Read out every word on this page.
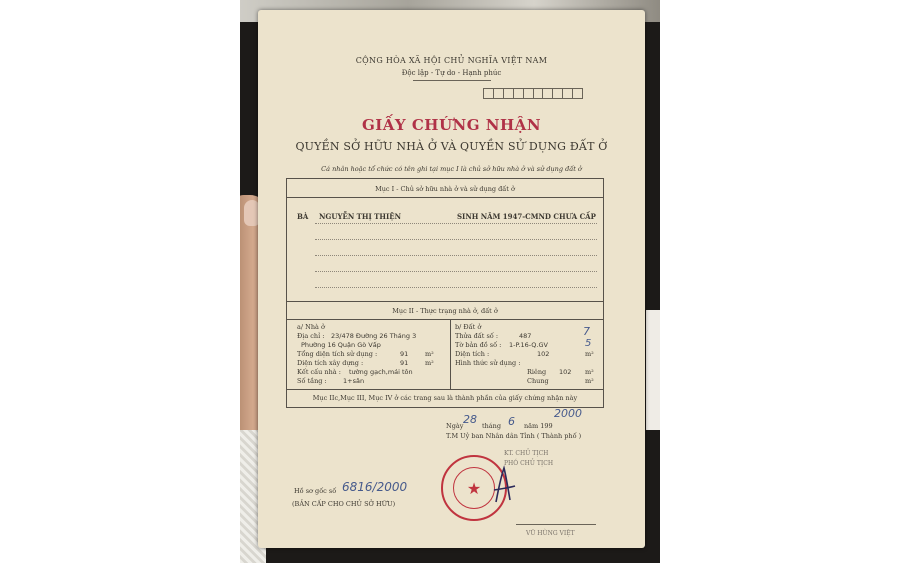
CỘNG HÒA XÃ HỘI CHỦ NGHĨA VIỆT NAM
Độc lập - Tự do - Hạnh phúc
GIẤY CHỨNG NHẬN
QUYỀN SỞ HỮU NHÀ Ở VÀ QUYỀN SỬ DỤNG ĐẤT Ở
Cá nhân hoặc tổ chức có tên ghi tại mục I là chủ sở hữu nhà ở và sử dụng đất ở
Mục I - Chủ sở hữu nhà ở và sử dụng đất ở
BÀ NGUYỄN THỊ THIỆN	SINH NĂM 1947-CMND CHƯA CẤP
Mục II - Thực trạng nhà ở, đất ở
a/ Nhà ở
Địa chỉ : 23/478 Đường 26 Tháng 3
Phường 16 Quận Gò Vấp
Tổng diện tích sử dụng :	91	m²
Diện tích xây dựng :	91	m²
Kết cấu nhà : tường gạch,mái tôn
Số tầng :	1+sân
b/ Đất ở
Thửa đất số :	487	7
Tờ bản đồ số : 1-P.16-Q.GV	5
Diện tích :	102	m²
Hình thức sử dụng :
Riêng 102 m²
Chung	m²
Mục IIc,Mục III, Mục IV ở các trang sau là thành phần của giấy chứng nhận này
Ngày 28 tháng 6 năm 199
2000
T.M Uỷ ban Nhân dân Tỉnh ( Thành phố )
KT. CHỦ TỊCH
PHÓ CHỦ TỊCH
★
VŨ HÙNG VIỆT
Hồ sơ gốc số 6816/2000
(BẢN CẤP CHO CHỦ SỞ HỮU)
